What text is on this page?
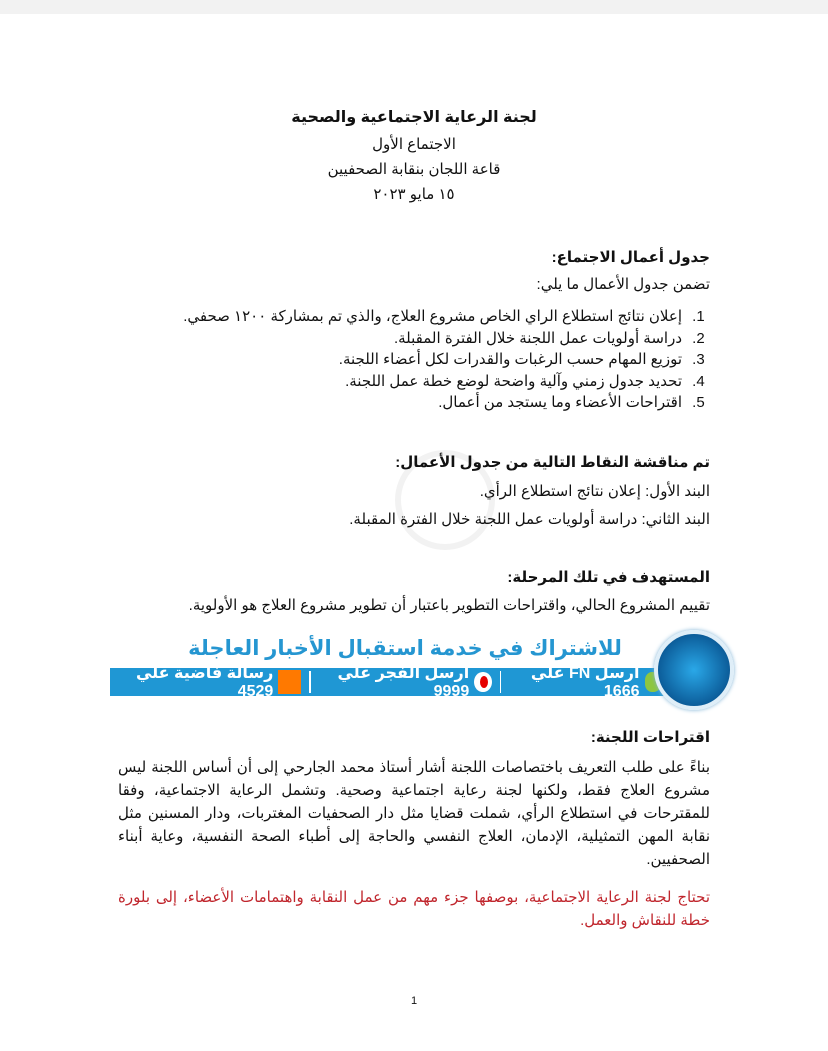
لجنة الرعاية الاجتماعية والصحية
الاجتماع الأول
قاعة اللجان بنقابة الصحفيين
١٥ مايو ٢٠٢٣
جدول أعمال الاجتماع:
تضمن جدول الأعمال ما يلي:
1. إعلان نتائج استطلاع الراي الخاص مشروع العلاج، والذي تم بمشاركة ١٢٠٠ صحفي.
2. دراسة أولويات عمل اللجنة خلال الفترة المقبلة.
3. توزيع المهام حسب الرغبات والقدرات لكل أعضاء اللجنة.
4. تحديد جدول زمني وآلية واضحة لوضع خطة عمل اللجنة.
5. اقتراحات الأعضاء وما يستجد من أعمال.
تم مناقشة النقاط التالية من جدول الأعمال:
البند الأول: إعلان نتائج استطلاع الرأي.
البند الثاني: دراسة أولويات عمل اللجنة خلال الفترة المقبلة.
المستهدف في تلك المرحلة:
تقييم المشروع الحالي، واقتراحات التطوير باعتبار أن تطوير مشروع العلاج هو الأولوية.
اقتراحات اللجنة:
بناءً على طلب التعريف باختصاصات اللجنة أشار أستاذ محمد الجارحي إلى أن أساس اللجنة ليس مشروع العلاج فقط، ولكنها لجنة رعاية اجتماعية وصحية. وتشمل الرعاية الاجتماعية، وفقا للمقترحات في استطلاع الرأي، شملت قضايا مثل دار الصحفيات المغتربات، ودار المسنين مثل نقابة المهن التمثيلية، الإدمان، العلاج النفسي والحاجة إلى أطباء الصحة النفسية، وعاية أبناء الصحفيين.
تحتاج لجنة الرعاية الاجتماعية، بوصفها جزء مهم من عمل النقابة واهتمامات الأعضاء، إلى بلورة خطة للنقاش والعمل.
1
للاشتراك في خدمة استقبال الأخبار العاجلة
أرسل FN علي 1666
أرسل الفجر علي 9999
رسالة فاضية علي 4529
